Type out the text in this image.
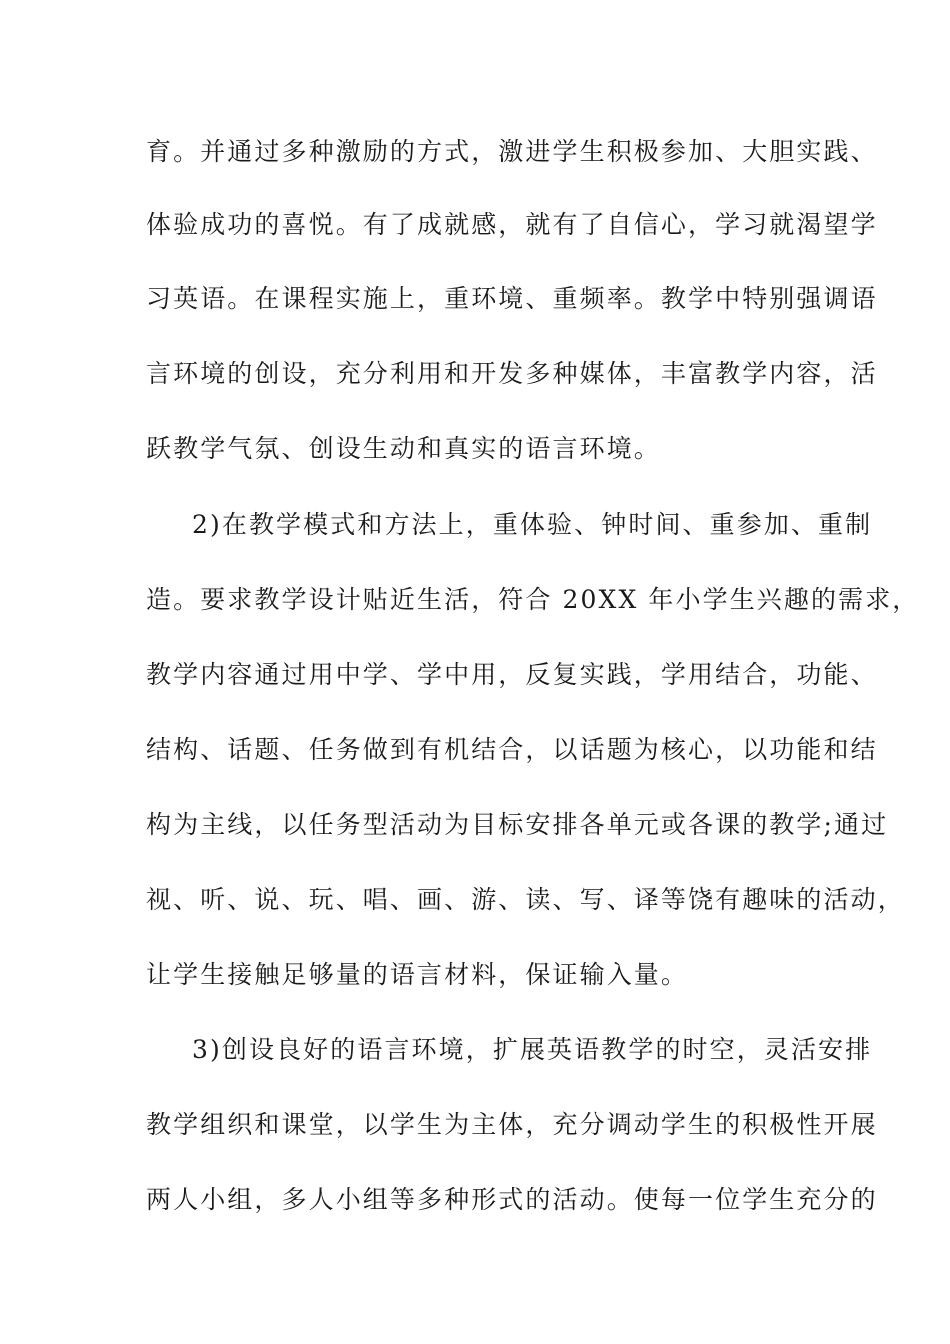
育。并通过多种激励的方式，激进学生积极参加、大胆实践、
体验成功的喜悦。有了成就感，就有了自信心，学习就渴望学
习英语。在课程实施上，重环境、重频率。教学中特别强调语
言环境的创设，充分利用和开发多种媒体，丰富教学内容，活
跃教学气氛、创设生动和真实的语言环境。
2)在教学模式和方法上，重体验、钟时间、重参加、重制
造。要求教学设计贴近生活，符合 20XX 年小学生兴趣的需求，
教学内容通过用中学、学中用，反复实践，学用结合，功能、
结构、话题、任务做到有机结合，以话题为核心，以功能和结
构为主线，以任务型活动为目标安排各单元或各课的教学;通过
视、听、说、玩、唱、画、游、读、写、译等饶有趣味的活动，
让学生接触足够量的语言材料，保证输入量。
3)创设良好的语言环境，扩展英语教学的时空，灵活安排
教学组织和课堂，以学生为主体，充分调动学生的积极性开展
两人小组，多人小组等多种形式的活动。使每一位学生充分的
